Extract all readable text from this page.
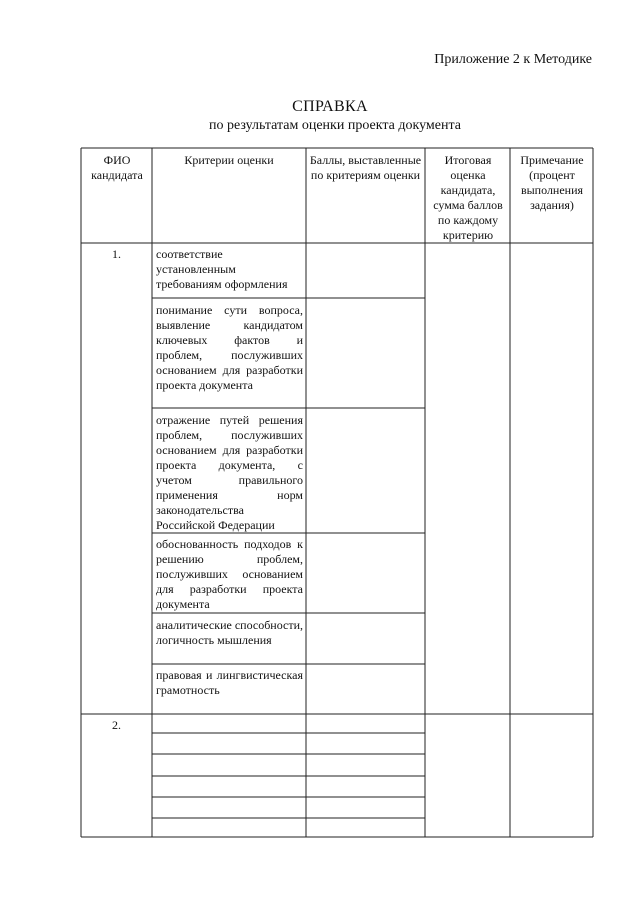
Приложение 2 к Методике
СПРАВКА
по результатам оценки проекта документа
ФИО кандидата
Критерии оценки	Баллы, выставленные по критериям оценки
Итоговая оценка кандидата, сумма баллов по каждому критерию
Примечание (процент выполнения задания)
1.	соответствие установленным требованиям оформления
понимание сути вопроса, выявление кандидатом ключевых фактов и проблем, послуживших основанием для разработки проекта документа
отражение путей решения проблем, послуживших основанием для разработки проекта документа, с учетом правильного применения норм законодательства Российской Федерации
обоснованность подходов к решению проблем, послуживших основанием для разработки проекта документа
аналитические способности, логичность мышления
правовая и лингвистическая грамотность
2.
